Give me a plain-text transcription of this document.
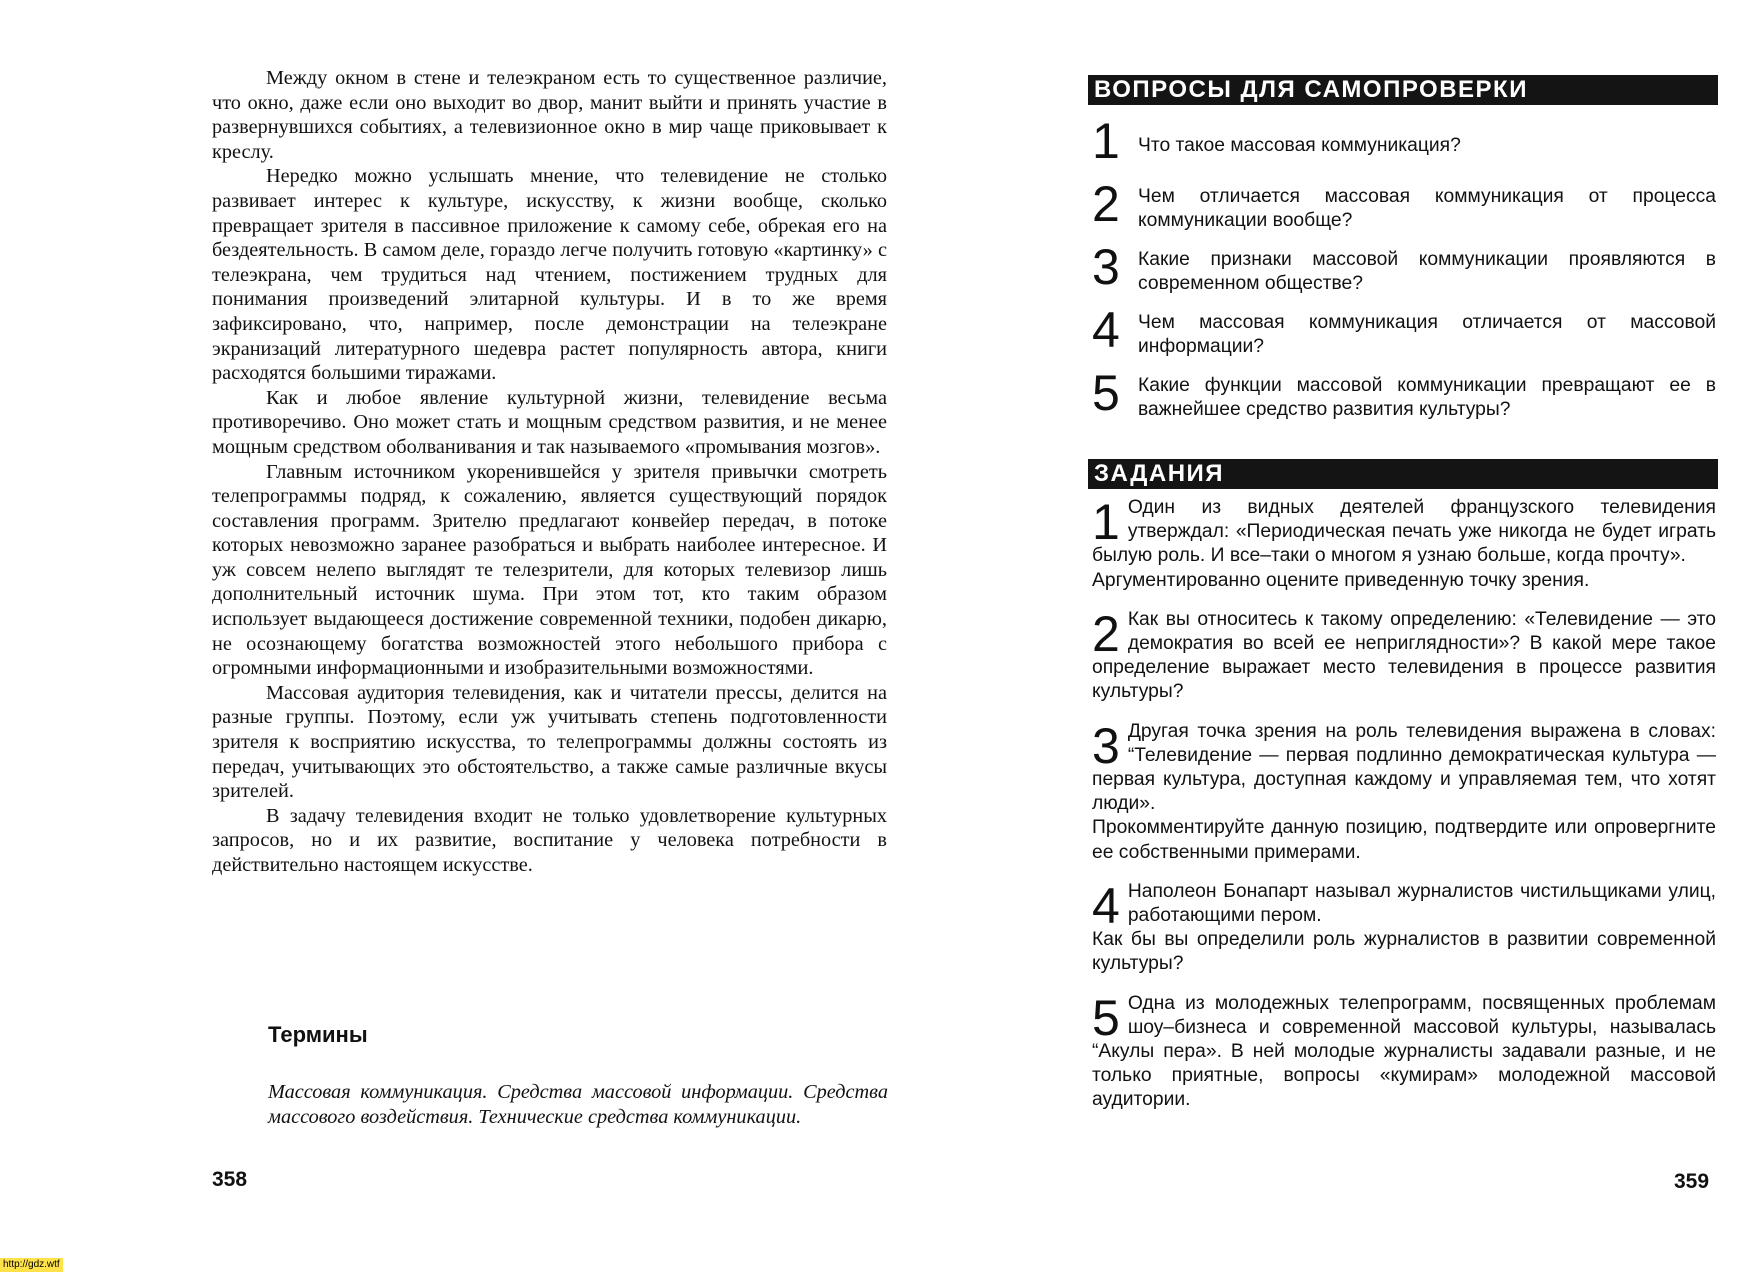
Между окном в стене и телеэкраном есть то существенное различие, что окно, даже если оно выходит во двор, манит выйти и принять участие в развернувшихся событиях, а телевизионное окно в мир чаще приковывает к креслу.

Нередко можно услышать мнение, что телевидение не столько развивает интерес к культуре, искусству, к жизни вообще, сколько превращает зрителя в пассивное приложение к самому себе, обрекая его на бездеятельность. В самом деле, гораздо легче получить готовую «картинку» с телеэкрана, чем трудиться над чтением, постижением трудных для понимания произведений элитарной культуры. И в то же время зафиксировано, что, например, после демонстрации на телеэкране экранизаций литературного шедевра растет популярность автора, книги расходятся большими тиражами.

Как и любое явление культурной жизни, телевидение весьма противоречиво. Оно может стать и мощным средством развития, и не менее мощным средством оболванивания и так называемого «промывания мозгов».

Главным источником укоренившейся у зрителя привычки смотреть телепрограммы подряд, к сожалению, является существующий порядок составления программ. Зрителю предлагают конвейер передач, в потоке которых невозможно заранее разобраться и выбрать наиболее интересное. И уж совсем нелепо выглядят те телезрители, для которых телевизор лишь дополнительный источник шума. При этом тот, кто таким образом использует выдающееся достижение современной техники, подобен дикарю, не осознающему богатства возможностей этого небольшого прибора с огромными информационными и изобразительными возможностями.

Массовая аудитория телевидения, как и читатели прессы, делится на разные группы. Поэтому, если уж учитывать степень подготовленности зрителя к восприятию искусства, то телепрограммы должны состоять из передач, учитывающих это обстоятельство, а также самые различные вкусы зрителей.

В задачу телевидения входит не только удовлетворение культурных запросов, но и их развитие, воспитание у человека потребности в действительно настоящем искусстве.

Термины

Массовая коммуникация. Средства массовой информации. Средства массового воздействия. Технические средства коммуникации.

358
ВОПРОСЫ ДЛЯ САМОПРОВЕРКИ
1 Что такое массовая коммуникация?
2 Чем отличается массовая коммуникация от процесса коммуникации вообще?
3 Какие признаки массовой коммуникации проявляются в современном обществе?
4 Чем массовая коммуникация отличается от массовой информации?
5 Какие функции массовой коммуникации превращают ее в важнейшее средство развития культуры?
ЗАДАНИЯ

1 Один из видных деятелей французского телевидения утверждал: «Периодическая печать уже никогда не будет играть былую роль. И все–таки о многом я узнаю больше, когда прочту».

Аргументированно оцените приведенную точку зрения.

2 Как вы относитесь к такому определению: «Телевидение — это демократия во всей ее неприглядности»? В какой мере такое определение выражает место телевидения в процессе развития культуры?

3 Другая точка зрения на роль телевидения выражена в словах: “Телевидение — первая подлинно демократическая культура — первая культура, доступная каждому и управляемая тем, что хотят люди».

Прокомментируйте данную позицию, подтвердите или опровергните ее собственными примерами.

4 Наполеон Бонапарт называл журналистов чистильщиками улиц, работающими пером.

Как бы вы определили роль журналистов в развитии современной культуры?

5 Одна из молодежных телепрограмм, посвященных проблемам шоу–бизнеса и современной массовой культуры, называлась “Акулы пера». В ней молодые журналисты задавали разные, и не только приятные, вопросы «кумирам» молодежной массовой аудитории.

359
http://gdz.wtf
